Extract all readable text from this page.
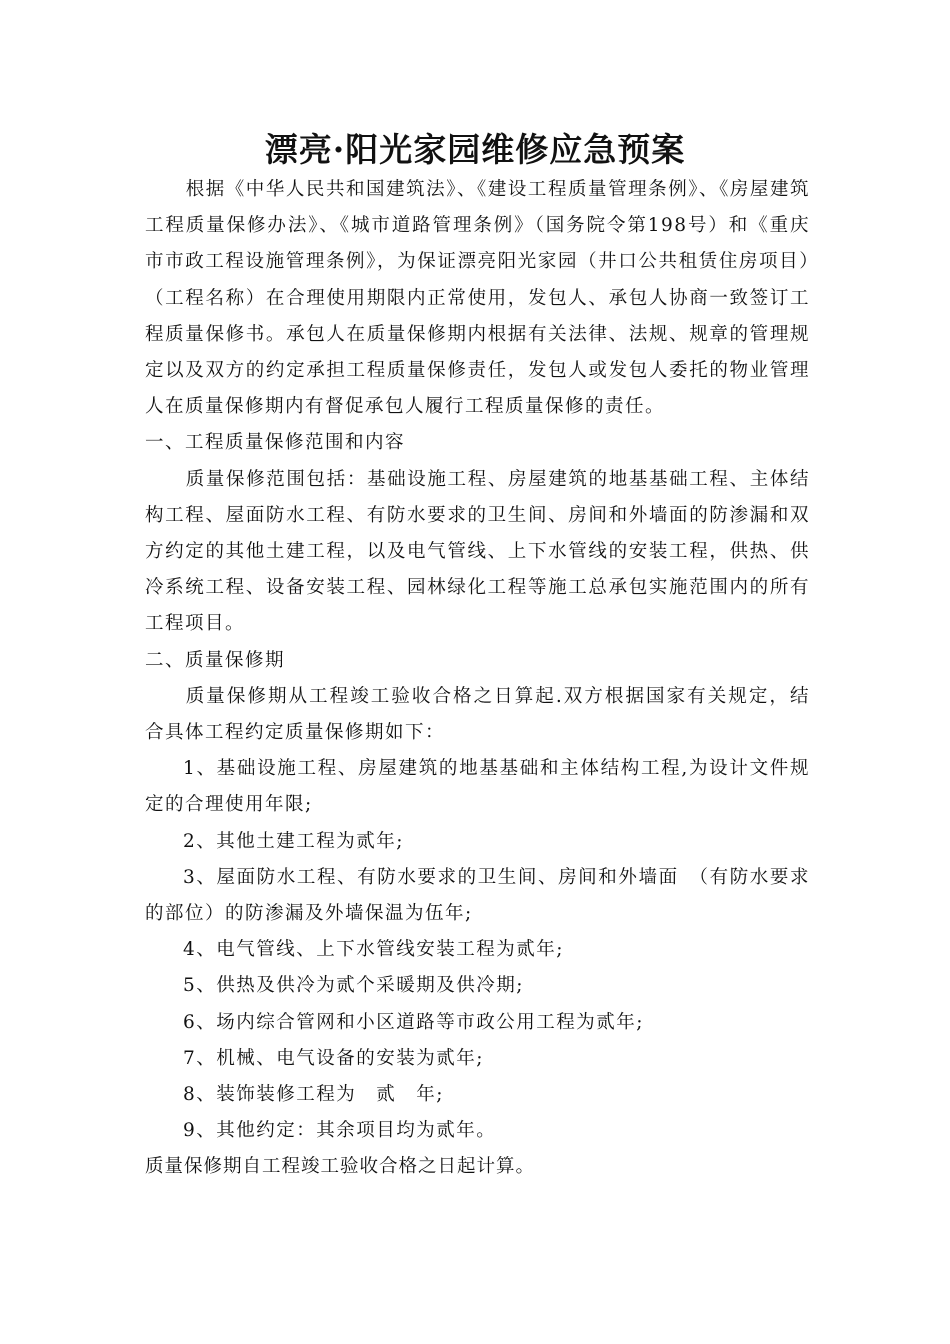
漂亮·阳光家园维修应急预案

根据《中华人民共和国建筑法》、《建设工程质量管理条例》、《房屋建筑工程质量保修办法》、《城市道路管理条例》（国务院令第198号）和《重庆市市政工程设施管理条例》，为保证漂亮阳光家园（井口公共租赁住房项目）（工程名称）在合理使用期限内正常使用，发包人、承包人协商一致签订工程质量保修书。承包人在质量保修期内根据有关法律、法规、规章的管理规定以及双方的约定承担工程质量保修责任，发包人或发包人委托的物业管理人在质量保修期内有督促承包人履行工程质量保修的责任。

一、工程质量保修范围和内容

质量保修范围包括：基础设施工程、房屋建筑的地基基础工程、主体结构工程、屋面防水工程、有防水要求的卫生间、房间和外墙面的防渗漏和双方约定的其他土建工程，以及电气管线、上下水管线的安装工程，供热、供冷系统工程、设备安装工程、园林绿化工程等施工总承包实施范围内的所有工程项目。

二、质量保修期

质量保修期从工程竣工验收合格之日算起.双方根据国家有关规定，结合具体工程约定质量保修期如下：

1、基础设施工程、房屋建筑的地基基础和主体结构工程,为设计文件规定的合理使用年限;

2、其他土建工程为贰年;

3、屋面防水工程、有防水要求的卫生间、房间和外墙面　（有防水要求的部位）的防渗漏及外墙保温为伍年;

4、电气管线、上下水管线安装工程为贰年;

5、供热及供冷为贰个采暖期及供冷期;

6、场内综合管网和小区道路等市政公用工程为贰年;

7、机械、电气设备的安装为贰年;

8、装饰装修工程为　贰　年;

9、其他约定：其余项目均为贰年。

质量保修期自工程竣工验收合格之日起计算。
